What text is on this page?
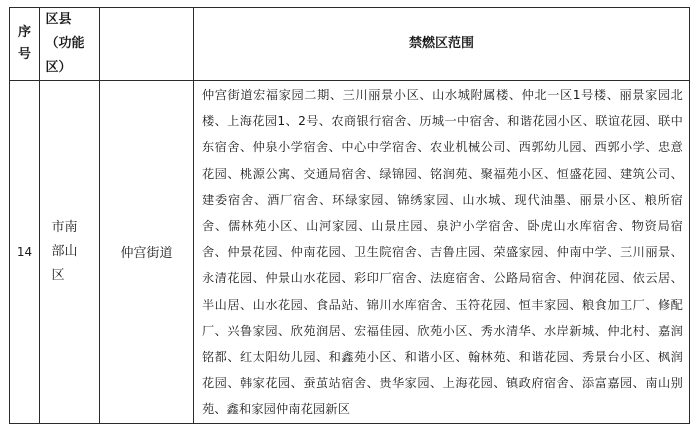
序号	区县（功能区）		禁燃区范围
14	市南部山区	仲宫街道	仲宫街道宏福家园二期、三川丽景小区、山水城附属楼、仲北一区1号楼、丽景家园北楼、上海花园1、2号、农商银行宿舍、历城一中宿舍、和谐花园小区、联谊花园、联中东宿舍、仲泉小学宿舍、中心中学宿舍、农业机械公司、西郭幼儿园、西郭小学、忠意花园、桃源公寓、交通局宿舍、绿锦园、铭润苑、聚福苑小区、恒盛花园、建筑公司、建委宿舍、酒厂宿舍、环绿家园、锦绣家园、山水城、现代油墨、丽景小区、粮所宿舍、儒林苑小区、山河家园、山景庄园、泉沪小学宿舍、卧虎山水库宿舍、物资局宿舍、仲景花园、仲南花园、卫生院宿舍、吉鲁庄园、荣盛家园、仲南中学、三川丽景、永清花园、仲景山水花园、彩印厂宿舍、法庭宿舍、公路局宿舍、仲润花园、依云居、半山居、山水花园、食品站、锦川水库宿舍、玉符花园、恒丰家园、粮食加工厂、修配厂、兴鲁家园、欣苑润居、宏福佳园、欣苑小区、秀水清华、水岸新城、仲北村、嘉润铭都、红太阳幼儿园、和鑫苑小区、和谐小区、翰林苑、和谐花园、秀景台小区、枫润花园、韩家花园、蚕茧站宿舍、贵华家园、上海花园、镇政府宿舍、添富嘉园、南山别苑、鑫和家园仲南花园新区
